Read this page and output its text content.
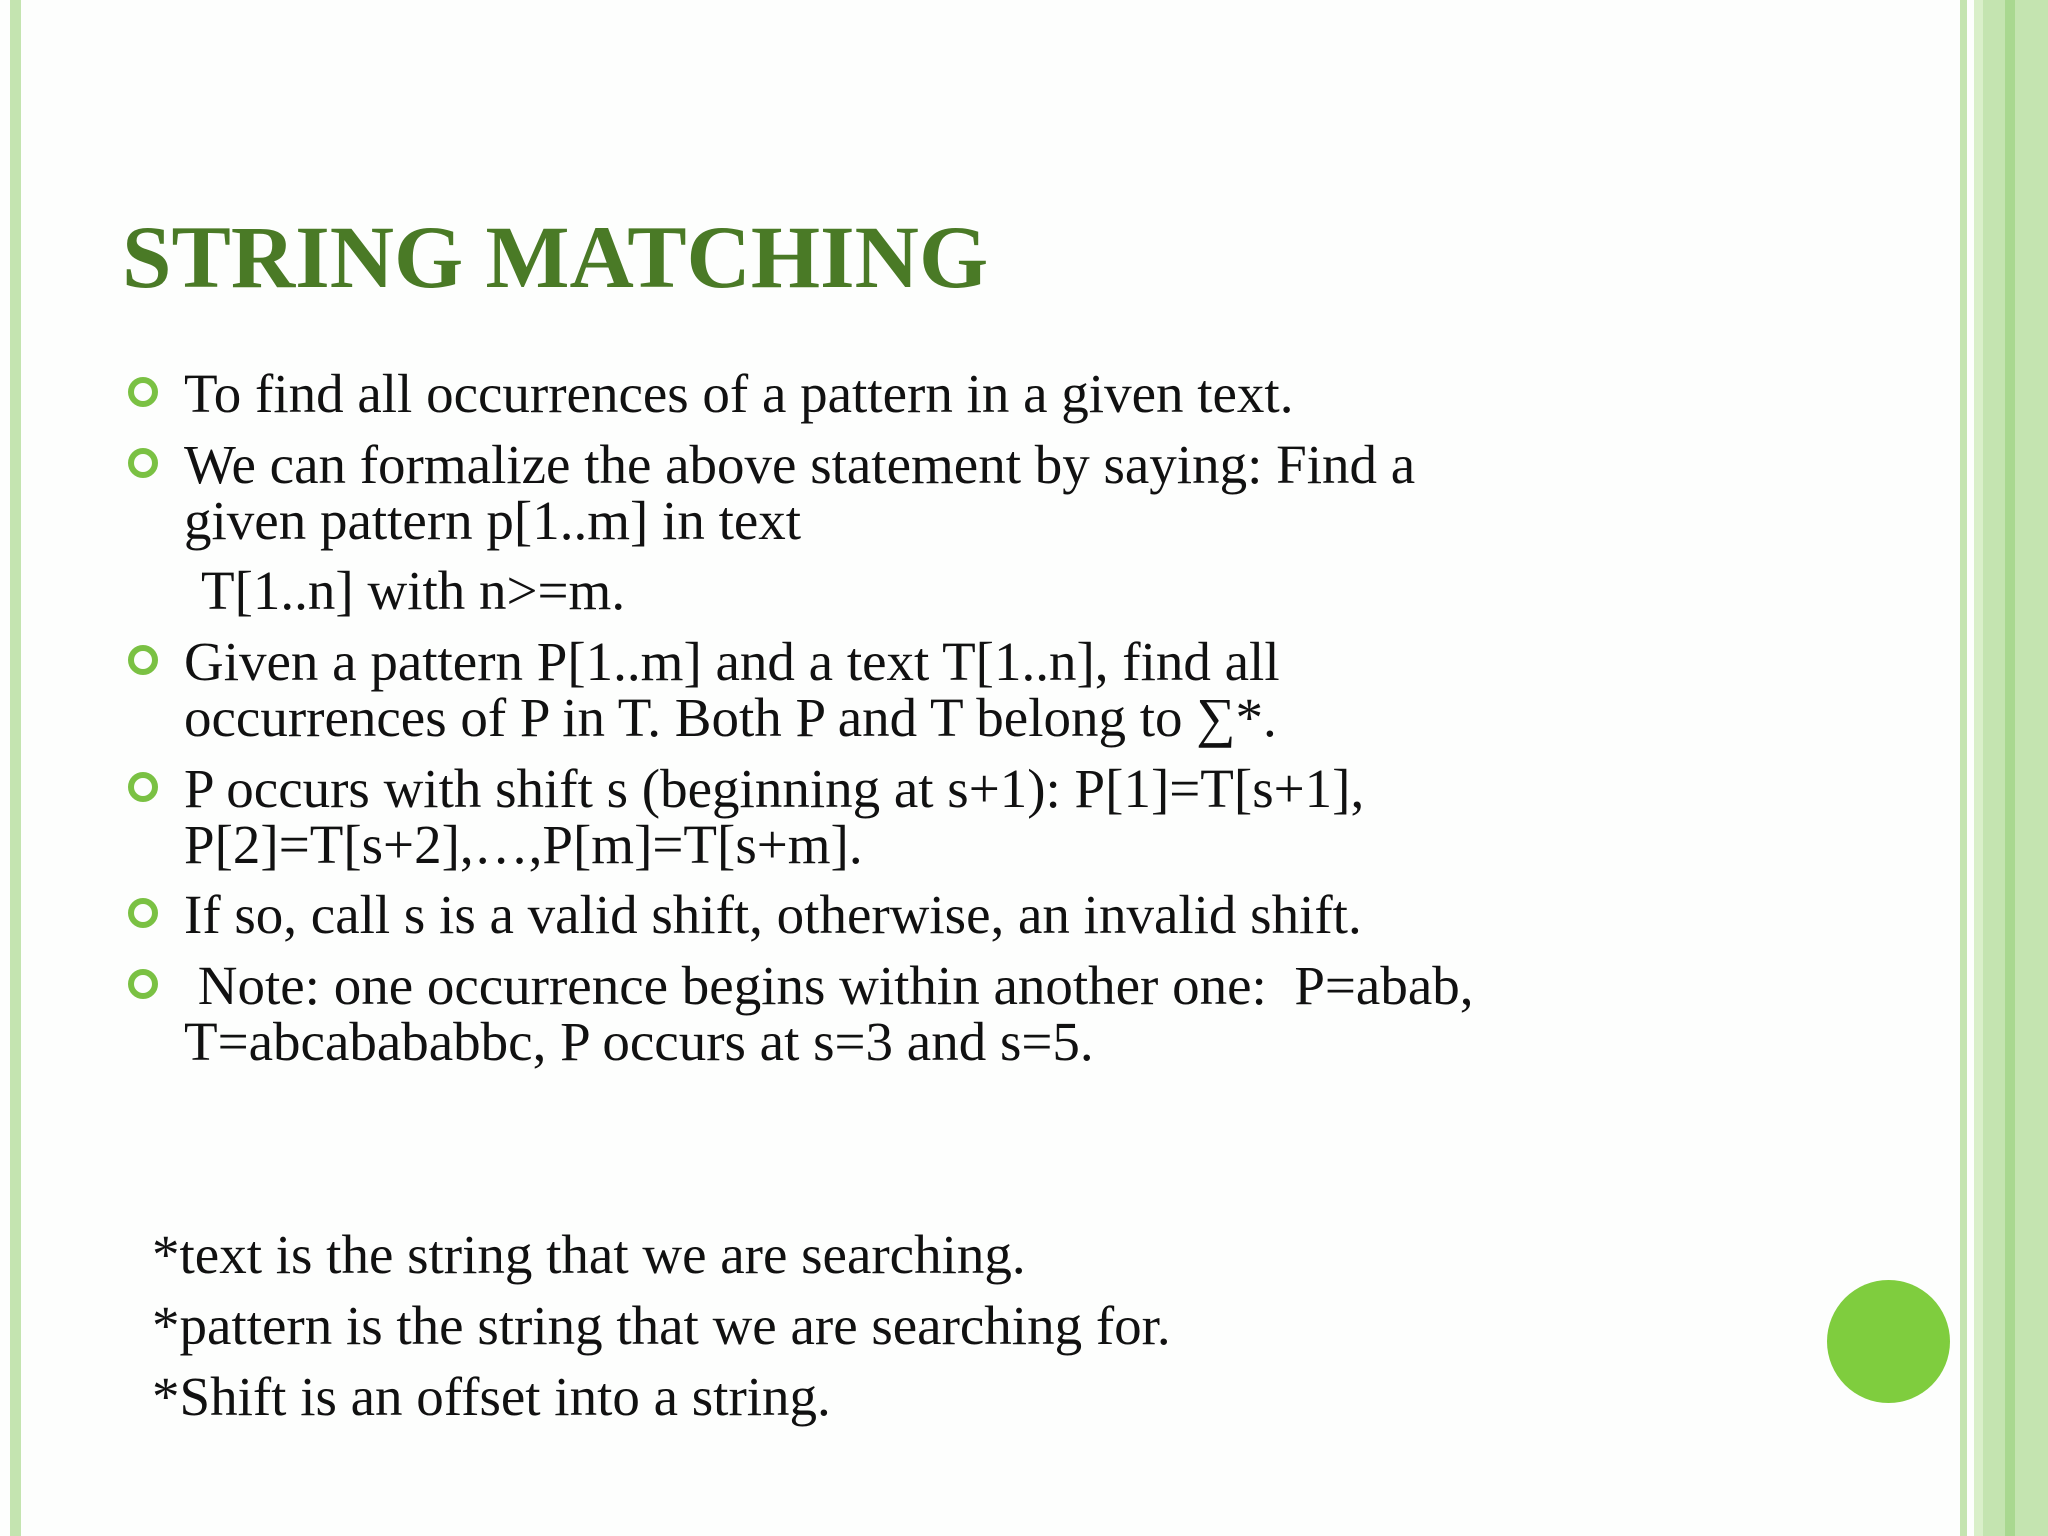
STRING MATCHING
To find all occurrences of a pattern in a given text.
We can formalize the above statement by saying: Find a
given pattern p[1..m] in text
T[1..n] with n>=m.
Given a pattern P[1..m] and a text T[1..n], find all
occurrences of P in T. Both P and T belong to ∑*.
P occurs with shift s (beginning at s+1): P[1]=T[s+1],
P[2]=T[s+2],…,P[m]=T[s+m].
If so, call s is a valid shift, otherwise, an invalid shift.
Note: one occurrence begins within another one:  P=abab,
T=abcabababbc, P occurs at s=3 and s=5.
*text is the string that we are searching.
*pattern is the string that we are searching for.
*Shift is an offset into a string.
